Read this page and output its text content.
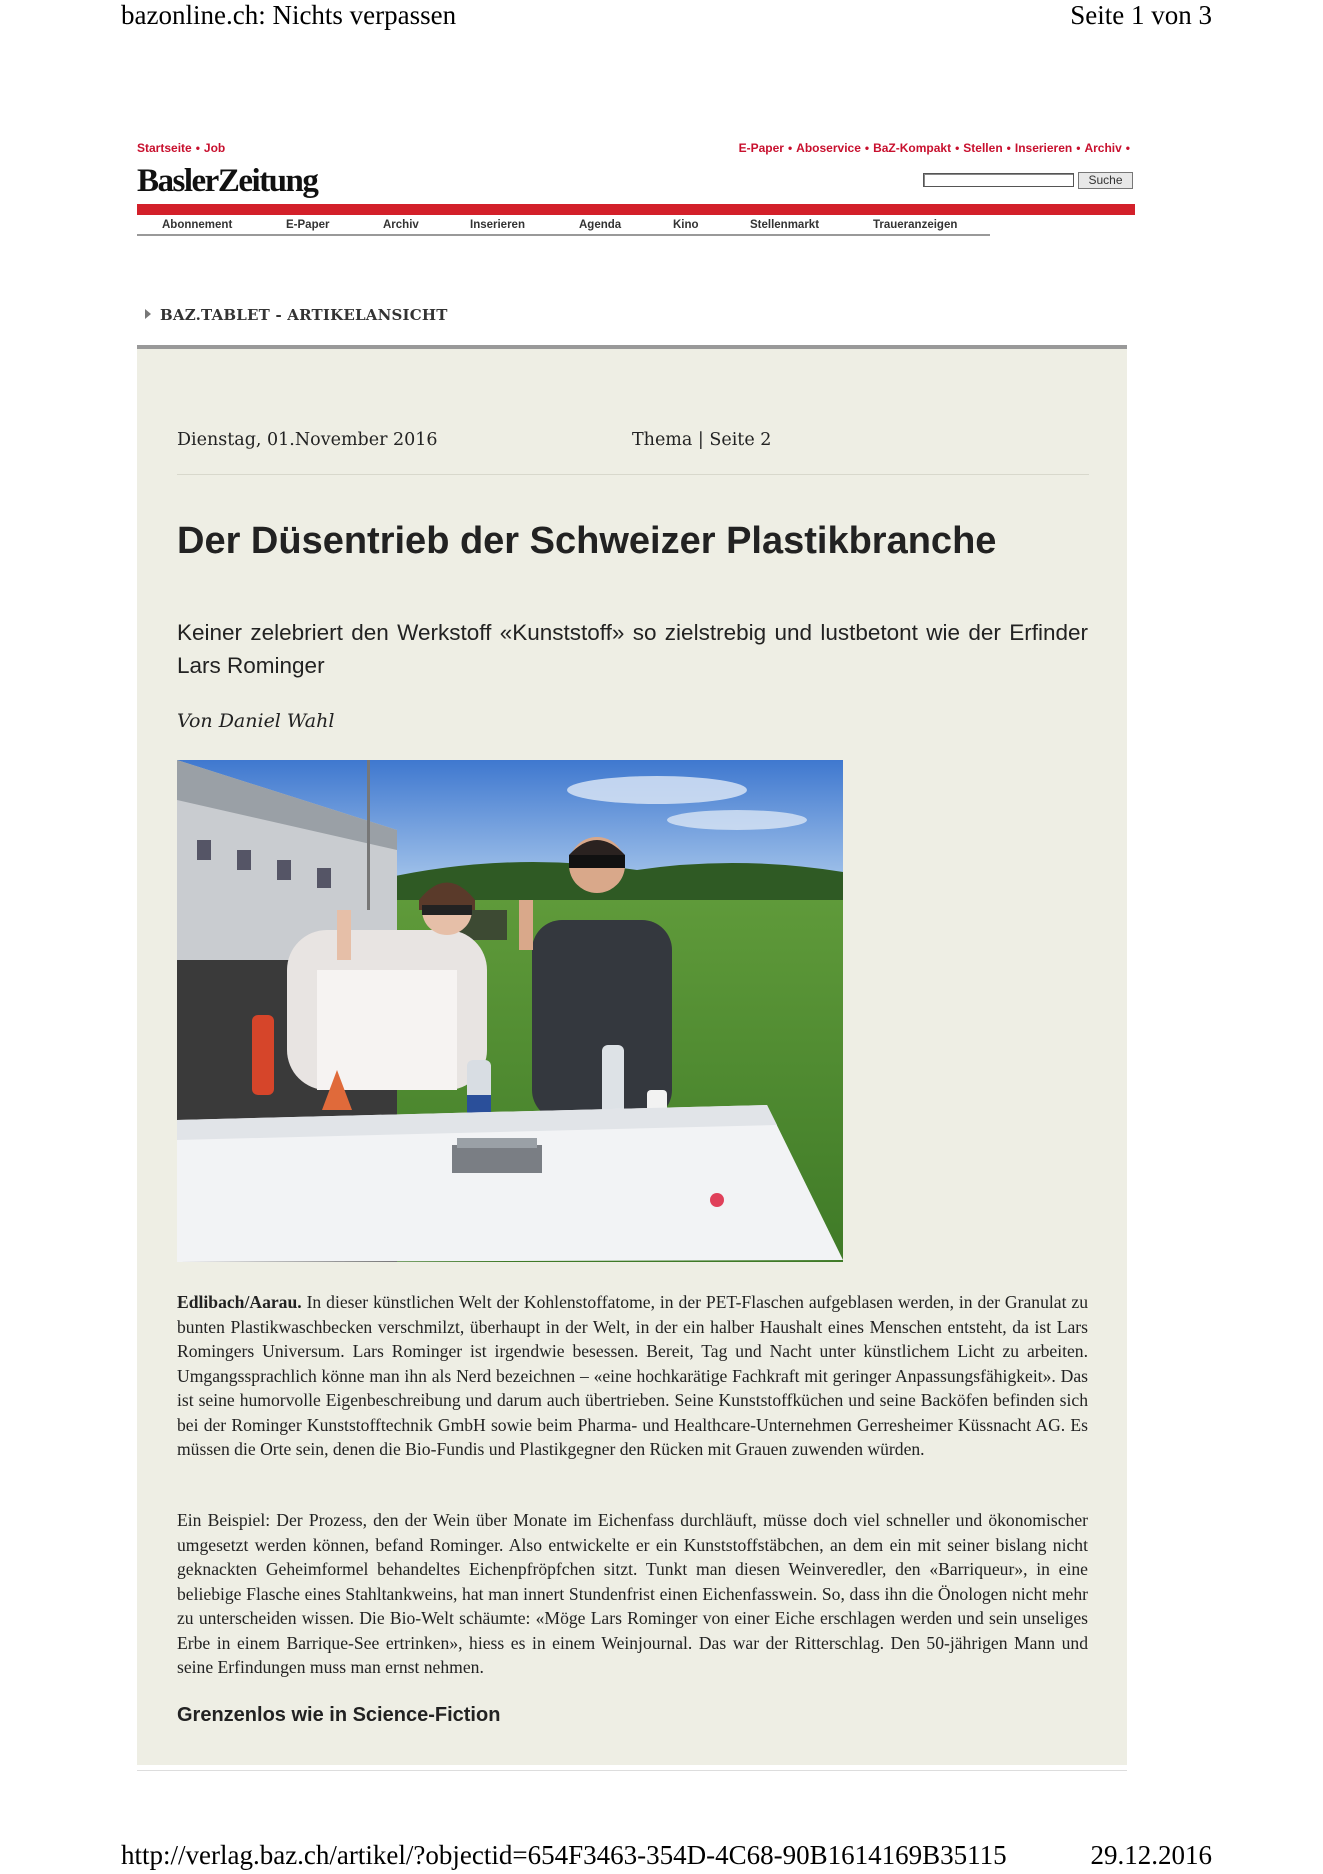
bazonline.ch: Nichts verpassen	Seite 1 von 3
Startseite • Job	E-Paper • Aboservice • BaZ-Kompakt • Stellen • Inserieren • Archiv •
BaslerZeitung	Suche
Abonnement	E-Paper	Archiv	Inserieren	Agenda	Kino	Stellenmarkt	Traueranzeigen
BAZ.TABLET - ARTIKELANSICHT
Dienstag, 01.November 2016	Thema | Seite 2
Der Düsentrieb der Schweizer Plastikbranche
Keiner zelebriert den Werkstoff «Kunststoff» so zielstrebig und lustbetont wie der Erfinder Lars Rominger
Von Daniel Wahl

Edlibach/Aarau. In dieser künstlichen Welt der Kohlenstoffatome, in der PET-Flaschen aufgeblasen werden, in der Granulat zu bunten Plastikwaschbecken verschmilzt, überhaupt in der Welt, in der ein halber Haushalt eines Menschen entsteht, da ist Lars Romingers Universum. Lars Rominger ist irgendwie besessen. Bereit, Tag und Nacht unter künstlichem Licht zu arbeiten. Umgangssprachlich könne man ihn als Nerd bezeichnen – «eine hochkarätige Fachkraft mit geringer Anpassungsfähigkeit». Das ist seine humorvolle Eigenbeschreibung und darum auch übertrieben. Seine Kunststoffküchen und seine Backöfen befinden sich bei der Rominger Kunststofftechnik GmbH sowie beim Pharma- und Healthcare-Unternehmen Gerresheimer Küssnacht AG. Es müssen die Orte sein, denen die Bio-Fundis und Plastikgegner den Rücken mit Grauen zuwenden würden.

Ein Beispiel: Der Prozess, den der Wein über Monate im Eichenfass durchläuft, müsse doch viel schneller und ökonomischer umgesetzt werden können, befand Rominger. Also entwickelte er ein Kunststoffstäbchen, an dem ein mit seiner bislang nicht geknackten Geheimformel behandeltes Eichenpfröpfchen sitzt. Tunkt man diesen Weinveredler, den «Barriqueur», in eine beliebige Flasche eines Stahltankweins, hat man innert Stundenfrist einen Eichenfasswein. So, dass ihn die Önologen nicht mehr zu unterscheiden wissen. Die Bio-Welt schäumte: «Möge Lars Rominger von einer Eiche erschlagen werden und sein unseliges Erbe in einem Barrique-See ertrinken», hiess es in einem Weinjournal. Das war der Ritterschlag. Den 50-jährigen Mann und seine Erfindungen muss man ernst nehmen.

Grenzenlos wie in Science-Fiction
http://verlag.baz.ch/artikel/?objectid=654F3463-354D-4C68-90B1614169B35115	29.12.2016
